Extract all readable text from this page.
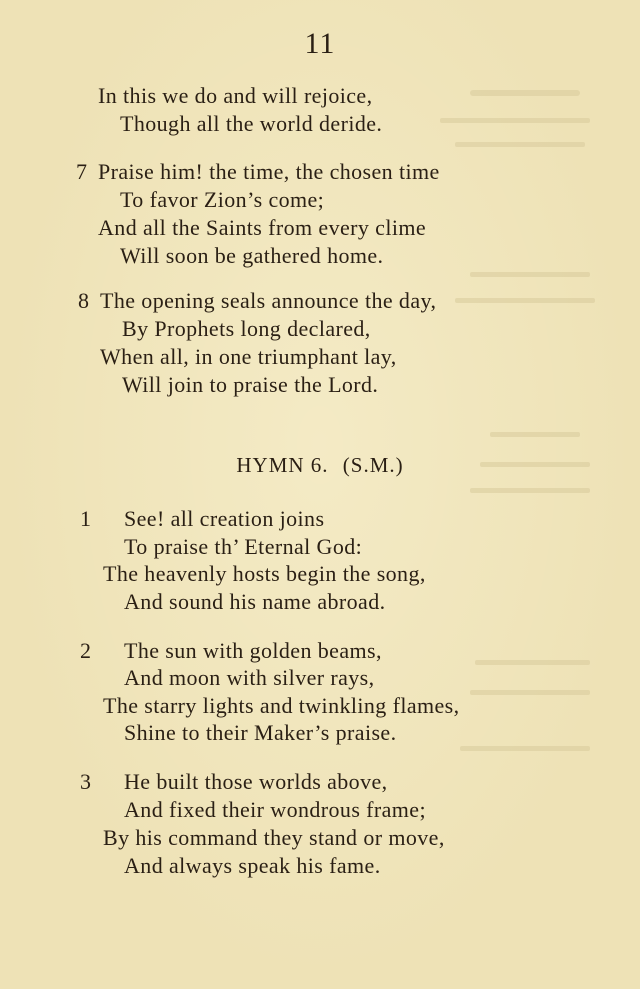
11
In this we do and will rejoice,
Though all the world deride.
7 Praise him! the time, the chosen time
To favor Zion’s come;
And all the Saints from every clime
Will soon be gathered home.
8 The opening seals announce the day,
By Prophets long declared,
When all, in one triumphant lay,
Will join to praise the Lord.
HYMN 6. (S.M.)
1 See! all creation joins
To praise th’ Eternal God:
The heavenly hosts begin the song,
And sound his name abroad.
2 The sun with golden beams,
And moon with silver rays,
The starry lights and twinkling flames,
Shine to their Maker’s praise.
3 He built those worlds above,
And fixed their wondrous frame;
By his command they stand or move,
And always speak his fame.
